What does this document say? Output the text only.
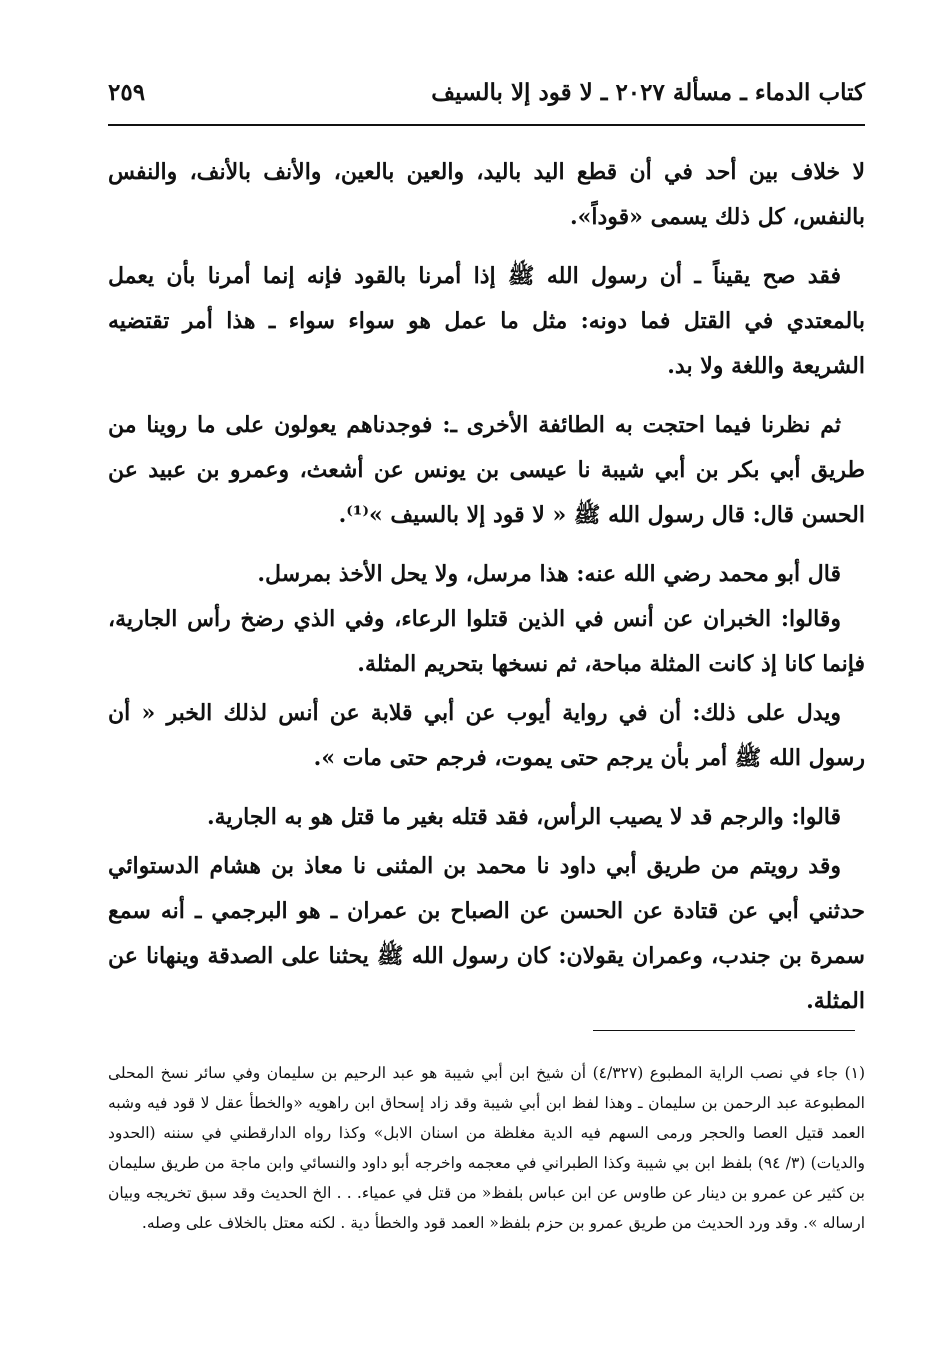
كتاب الدماء ـ مسألة ٢٠٢٧ ـ لا قود إلا بالسيف
٢٥٩

لا خلاف بين أحد في أن قطع اليد باليد، والعين بالعين، والأنف بالأنف، والنفس بالنفس، كل ذلك يسمى «قوداً».

فقد صح يقيناً ـ أن رسول الله ﷺ إذا أمرنا بالقود فإنه إنما أمرنا بأن يعمل بالمعتدي في القتل فما دونه: مثل ما عمل هو سواء سواء ـ هذا أمر تقتضيه الشريعة واللغة ولا بد.

ثم نظرنا فيما احتجت به الطائفة الأخرى ـ: فوجدناهم يعولون على ما روينا من طريق أبي بكر بن أبي شيبة نا عيسى بن يونس عن أشعث، وعمرو بن عبيد عن الحسن قال: قال رسول الله ﷺ « لا قود إلا بالسيف »⁽¹⁾.

قال أبو محمد رضي الله عنه: هذا مرسل، ولا يحل الأخذ بمرسل.

وقالوا: الخبران عن أنس في الذين قتلوا الرعاء، وفي الذي رضخ رأس الجارية، فإنما كانا إذ كانت المثلة مباحة، ثم نسخها بتحريم المثلة.

ويدل على ذلك: أن في رواية أيوب عن أبي قلابة عن أنس لذلك الخبر « أن رسول الله ﷺ أمر بأن يرجم حتى يموت، فرجم حتى مات ».

قالوا: والرجم قد لا يصيب الرأس، فقد قتله بغير ما قتل هو به الجارية.

وقد رويتم من طريق أبي داود نا محمد بن المثنى نا معاذ بن هشام الدستوائي حدثني أبي عن قتادة عن الحسن عن الصباح بن عمران ـ هو البرجمي ـ أنه سمع سمرة بن جندب، وعمران يقولان: كان رسول الله ﷺ يحثنا على الصدقة وينهانا عن المثلة.

(١) جاء في نصب الراية المطبوع (٤/٣٢٧) أن شيخ ابن أبي شيبة هو عبد الرحيم بن سليمان وفي سائر نسخ المحلى المطبوعة عبد الرحمن بن سليمان ـ وهذا لفظ ابن أبي شيبة وقد زاد إسحاق ابن راهويه «والخطأ عقل لا قود فيه وشبه العمد قتيل العصا والحجر ورمى السهم فيه الدية مغلظة من اسنان الابل» وكذا رواه الدارقطني في سننه (الحدود والديات) (٣/ ٩٤) بلفظ ابن بي شيبة وكذا الطبراني في معجمه واخرجه أبو داود والنسائي وابن ماجة من طريق سليمان بن كثير عن عمرو بن دينار عن طاوس عن ابن عباس بلفظ« من قتل في عمياء. . . الخ الحديث وقد سبق تخريجه وبيان ارساله ». وقد ورد الحديث من طريق عمرو بن حزم بلفظ« العمد قود والخطأ دية . لكنه معتل بالخلاف على وصله.
